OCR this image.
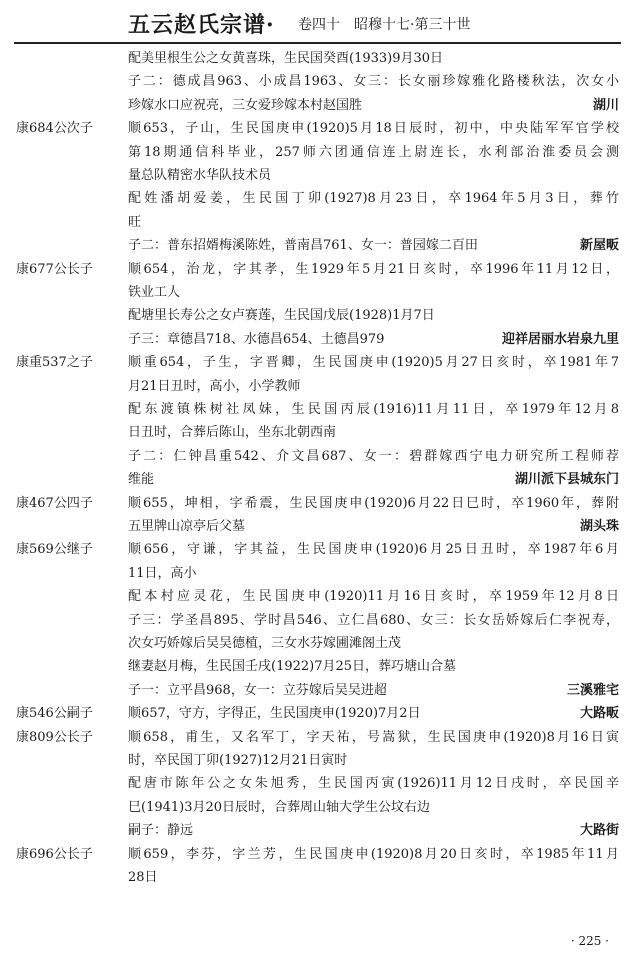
五云赵氏宗谱· 卷四十　昭穆十七·第三十世

配美里根生公之女黄喜珠，生民国癸酉(1933)9月30日
子二：德成昌963、小成昌1963、女三：长女丽珍嫁雅化路楼秋法，次女小
珍嫁水口应祝亮，三女爱珍嫁本村赵国胜	湖川
康684公次子	顺653，子山，生民国庚申(1920)5月18日辰时，初中，中央陆军军官学校
第18期通信科毕业，257师六团通信连上尉连长，水利部治淮委员会测
量总队精密水华队技术员
配姓潘胡爱姜，生民国丁卯(1927)8月23日，卒1964年5月3日，葬竹
旺
子二：普东招婿梅溪陈姓，普南昌761、女一：普园嫁二百田	新屋畈
康677公长子	顺654，治龙，字其孝，生1929年5月21日亥时，卒1996年11月12日，
铁业工人
配塘里长寿公之女卢赛莲，生民国戊辰(1928)1月7日
子三：章德昌718、水德昌654、土德昌979	迎祥居丽水岩泉九里
康重537之子	顺重654，子生，字晋卿，生民国庚申(1920)5月27日亥时，卒1981年7
月21日丑时，高小，小学教师
配东渡镇株树社凤妹，生民国丙辰(1916)11月11日，卒1979年12月8
日丑时，合葬后陈山，坐东北朝西南
子二：仁钟昌重542、介文昌687、女一：碧群嫁西宁电力研究所工程师荐
维能	湖川派下县城东门
康467公四子	顺655，坤相，字希震，生民国庚申(1920)6月22日巳时，卒1960年，葬附
五里牌山凉亭后父墓	湖头珠
康569公继子	顺656，守谦，字其益，生民国庚申(1920)6月25日丑时，卒1987年6月
11日，高小
配本村应灵花，生民国庚申(1920)11月16日亥时，卒1959年12月8日
子三：学圣昌895、学时昌546、立仁昌680、女三：长女岳娇嫁后仁李祝寿，
次女巧娇嫁后吴吴德植，三女水芬嫁圃滩阁土茂
继妻赵月梅，生民国壬戌(1922)7月25日，葬巧塘山合墓
子一：立平昌968，女一：立芬嫁后吴吴进超	三溪雅宅
康546公嗣子	顺657，守方，字得正，生民国庚申(1920)7月2日	大路畈
康809公长子	顺658，甫生，又名军丁，字天祐，号嵩狱，生民国庚申(1920)8月16日寅
时，卒民国丁卯(1927)12月21日寅时
配唐市陈年公之女朱旭秀，生民国丙寅(1926)11月12日戌时，卒民国辛
巳(1941)3月20日辰时，合葬周山轴大学生公坟右边
嗣子：静远	大路街
康696公长子	顺659，李芬，字兰芳，生民国庚申(1920)8月20日亥时，卒1985年11月
28日
· 225 ·
